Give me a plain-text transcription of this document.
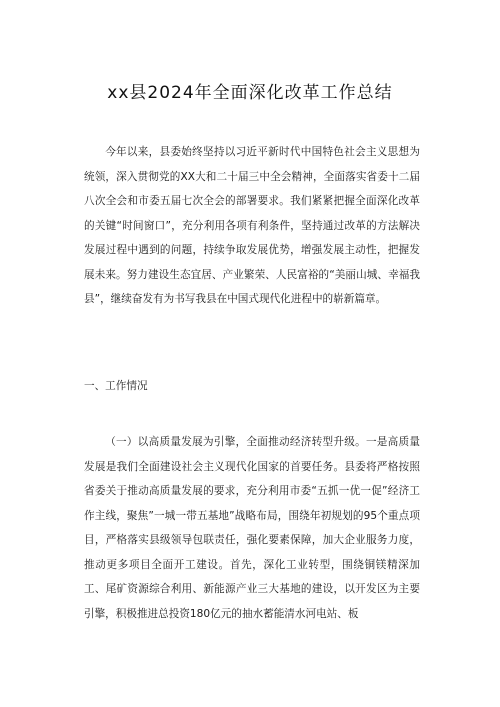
xx县2024年全面深化改革工作总结

今年以来，县委始终坚持以习近平新时代中国特色社会主义思想为统领，深入贯彻党的XX大和二十届三中全会精神，全面落实省委十二届八次全会和市委五届七次全会的部署要求。我们紧紧把握全面深化改革的关键“时间窗口”，充分利用各项有利条件，坚持通过改革的方法解决发展过程中遇到的问题，持续争取发展优势，增强发展主动性，把握发展未来。努力建设生态宜居、产业繁荣、人民富裕的“美丽山城、幸福我县”，继续奋发有为书写我县在中国式现代化进程中的崭新篇章。

一、工作情况

（一）以高质量发展为引擎，全面推动经济转型升级。一是高质量发展是我们全面建设社会主义现代化国家的首要任务。县委将严格按照省委关于推动高质量发展的要求，充分利用市委“五抓一优一促”经济工作主线，聚焦”一城一带五基地”战略布局，围绕年初规划的95个重点项目，严格落实县级领导包联责任，强化要素保障，加大企业服务力度，推动更多项目全面开工建设。首先，深化工业转型，围绕铜镁精深加工、尾矿资源综合利用、新能源产业三大基地的建设，以开发区为主要引擎，积极推进总投资180亿元的抽水蓄能清水河电站、板
